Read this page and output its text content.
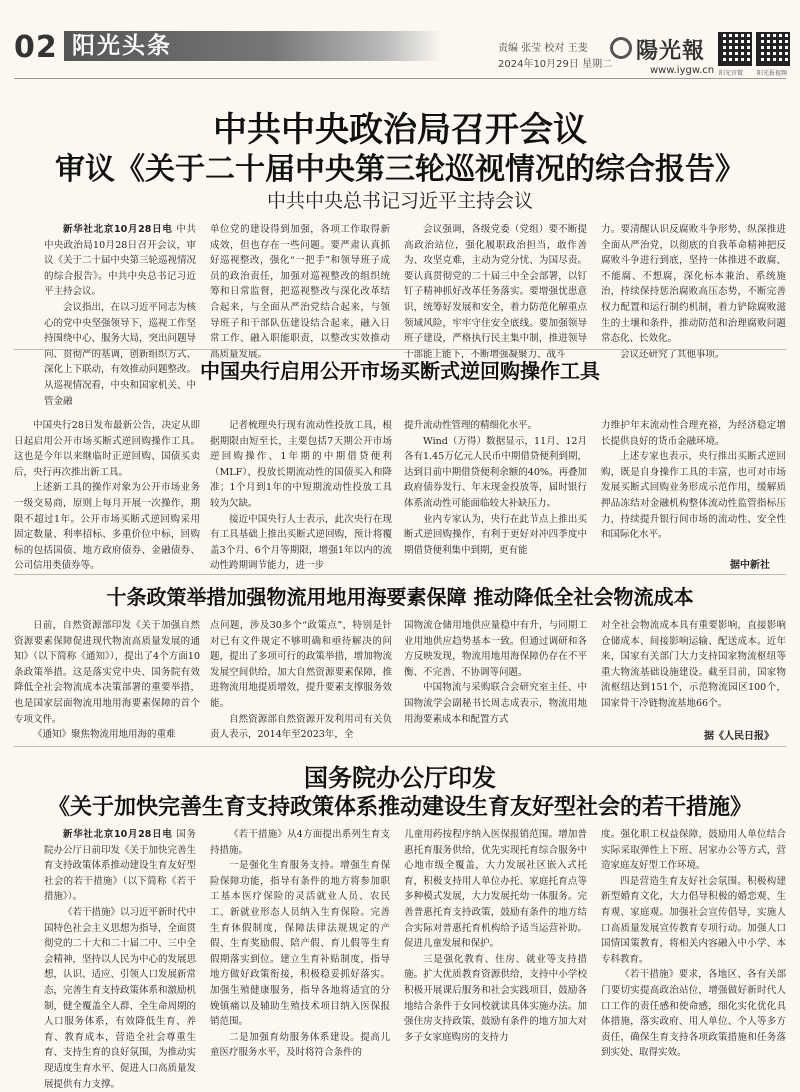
02 阳光头条	责编 张莹 校对 王斐
2024年10月29日 星期二
陽光報
www.iygw.cn 阳光官微 阳光报视频
中共中央政治局召开会议
审议《关于二十届中央第三轮巡视情况的综合报告》
中共中央总书记习近平主持会议

新华社北京10月28日电 中共中央政治局10月28日召开会议，审议《关于二十届中央第三轮巡视情况的综合报告》。中共中央总书记习近平主持会议。

会议指出，在以习近平同志为核心的党中央坚强领导下，巡视工作坚持围绕中心、服务大局，突出问题导向、贯彻严的基调，创新组织方式、深化上下联动，有效推动问题整改。从巡视情况看，中央和国家机关、中管金融

单位党的建设得到加强，各项工作取得新成效，但也存在一些问题。要严肃认真抓好巡视整改，强化“一把手”和领导班子成员的政治责任，加强对巡视整改的组织统筹和日常监督，把巡视整改与深化改革结合起来，与全面从严治党结合起来，与领导班子和干部队伍建设结合起来，融入日常工作、融入职能职责，以整改实效推动高质量发展。

会议强调，各级党委（党组）要不断提高政治站位，强化履职政治担当，敢作善为、攻坚克难，主动为党分忧、为国尽责。要认真贯彻党的二十届三中全会部署，以钉钉子精神抓好改革任务落实。要增强忧患意识，统筹好发展和安全，着力防范化解重点领域风险，牢牢守住安全底线。要加强领导班子建设，严格执行民主集中制，推进领导干部能上能下，不断增强凝聚力、战斗

力。要清醒认识反腐败斗争形势，纵深推进全面从严治党，以彻底的自我革命精神把反腐败斗争进行到底，坚持一体推进不敢腐、不能腐、不想腐，深化标本兼治、系统施治，持续保持惩治腐败高压态势，不断完善权力配置和运行制约机制，着力铲除腐败滋生的土壤和条件，推动防范和治理腐败问题常态化、长效化。

会议还研究了其他事项。

中国央行启用公开市场买断式逆回购操作工具

中国央行28日发布最新公告，决定从即日起启用公开市场买断式逆回购操作工具。这也是今年以来继临时正逆回购、国债买卖后，央行再次推出新工具。

上述新工具的操作对象为公开市场业务一级交易商，原则上每月开展一次操作，期限不超过1年。公开市场买断式逆回购采用固定数量、利率招标、多重价位中标，回购标的包括国债、地方政府债券、金融债券、公司信用类债券等。

记者梳理央行现有流动性投放工具，根据期限由短至长，主要包括7天期公开市场逆回购操作、1年期的中期借贷便利（MLF）、投放长期流动性的国债买入和降准；1个月到1年的中短期流动性投放工具较为欠缺。

接近中国央行人士表示，此次央行在现有工具基础上推出买断式逆回购，预计将覆盖3个月、6个月等期限，增强1年以内的流动性跨期调节能力，进一步

提升流动性管理的精细化水平。

Wind（万得）数据显示，11月、12月各有1.45万亿元人民币中期借贷便利到期，达到目前中期借贷便利余额的40%。再叠加政府债券发行、年末现金投放等，届时银行体系流动性可能面临较大补缺压力。

业内专家认为，央行在此节点上推出买断式逆回购操作，有利于更好对冲四季度中期借贷便利集中到期，更有能

力维护年末流动性合理充裕，为经济稳定增长提供良好的货币金融环境。

上述专家也表示，央行推出买断式逆回购，既是自身操作工具的丰富，也可对市场发展买断式回购业务形成示范作用，缓解质押品冻结对金融机构整体流动性监管指标压力，持续提升银行间市场的流动性、安全性和国际化水平。

据中新社
十条政策举措加强物流用地用海要素保障 推动降低全社会物流成本

日前，自然资源部印发《关于加强自然资源要素保障促进现代物流高质量发展的通知》（以下简称《通知》），提出了4个方面10条政策举措。这是落实党中央、国务院有效降低全社会物流成本决策部署的重要举措，也是国家层面物流用地用海要素保障的首个专项文件。

《通知》聚焦物流用地用海的重难

点问题，涉及30多个“政策点”，特别是针对已有文件规定不够明确和亟待解决的问题，提出了多项可行的政策举措，增加物流发展空间供给，加大自然资源要素保障，推进物流用地提质增效，提升要素支撑服务效能。

自然资源部自然资源开发利用司有关负责人表示，2014年至2023年，全

国物流仓储用地供应量稳中有升，与同期工业用地供应趋势基本一致。但通过调研和各方反映发现，物流用地用海保障仍存在不平衡、不完善、不协调等问题。

中国物流与采购联合会研究室主任、中国物流学会副秘书长周志成表示，物流用地用海要素成本和配置方式

对全社会物流成本具有重要影响，直接影响仓储成本、间接影响运输、配送成本。近年来，国家有关部门大力支持国家物流枢纽等重大物流基础设施建设。截至目前，国家物流枢纽达到151个，示范物流园区100个，国家骨干冷链物流基地66个。

据《人民日报》
国务院办公厅印发
《关于加快完善生育支持政策体系推动建设生育友好型社会的若干措施》

新华社北京10月28日电 国务院办公厅日前印发《关于加快完善生育支持政策体系推动建设生育友好型社会的若干措施》（以下简称《若干措施》）。

《若干措施》以习近平新时代中国特色社会主义思想为指导，全面贯彻党的二十大和二十届二中、三中全会精神，坚持以人民为中心的发展思想，认识、适应、引领人口发展新常态，完善生育支持政策体系和激励机制，健全覆盖全人群、全生命周期的人口服务体系，有效降低生育、养育、教育成本，营造全社会尊重生育、支持生育的良好氛围，为推动实现适度生育水平、促进人口高质量发展提供有力支撑。

《若干措施》从4方面提出系列生育支持措施。

一是强化生育服务支持。增强生育保险保障功能，指导有条件的地方将参加职工基本医疗保险的灵活就业人员、农民工、新就业形态人员纳入生育保险。完善生育休假制度，保障法律法规规定的产假、生育奖励假、陪产假、育儿假等生育假期落实到位。建立生育补贴制度，指导地方做好政策衔接，积极稳妥抓好落实。加强生殖健康服务，指导各地将适宜的分娩镇痛以及辅助生殖技术项目纳入医保报销范围。

二是加强育幼服务体系建设。提高儿童医疗服务水平，及时将符合条件的

儿童用药按程序纳入医保报销范围。增加普惠托育服务供给，优先实现托育综合服务中心地市级全覆盖，大力发展社区嵌入式托育，积极支持用人单位办托、家庭托育点等多种模式发展，大力发展托幼一体服务。完善普惠托育支持政策，鼓励有条件的地方结合实际对普惠托育机构给予适当运营补助。促进儿童发展和保护。

三是强化教育、住房、就业等支持措施。扩大优质教育资源供给，支持中小学校积极开展课后服务和社会实践项目，鼓励各地结合条件于女同校就读具体实施办法。加强住房支持政策，鼓励有条件的地方加大对多子女家庭购房的支持力

度。强化职工权益保障，鼓励用人单位结合实际采取弹性上下班、居家办公等方式，营造家庭友好型工作环境。

四是营造生育友好社会氛围。积极构建新型婚育文化，大力倡导积极的婚恋观、生育观、家庭观。加强社会宣传倡导，实施人口高质量发展宣传教育专项行动。加强人口国情国策教育，将相关内容融入中小学、本专科教育。

《若干措施》要求，各地区、各有关部门要切实提高政治站位，增强做好新时代人口工作的责任感和使命感，细化实化优化具体措施，落实政府、用人单位、个人等多方责任，确保生育支持各项政策措施和任务落到实处、取得实效。
